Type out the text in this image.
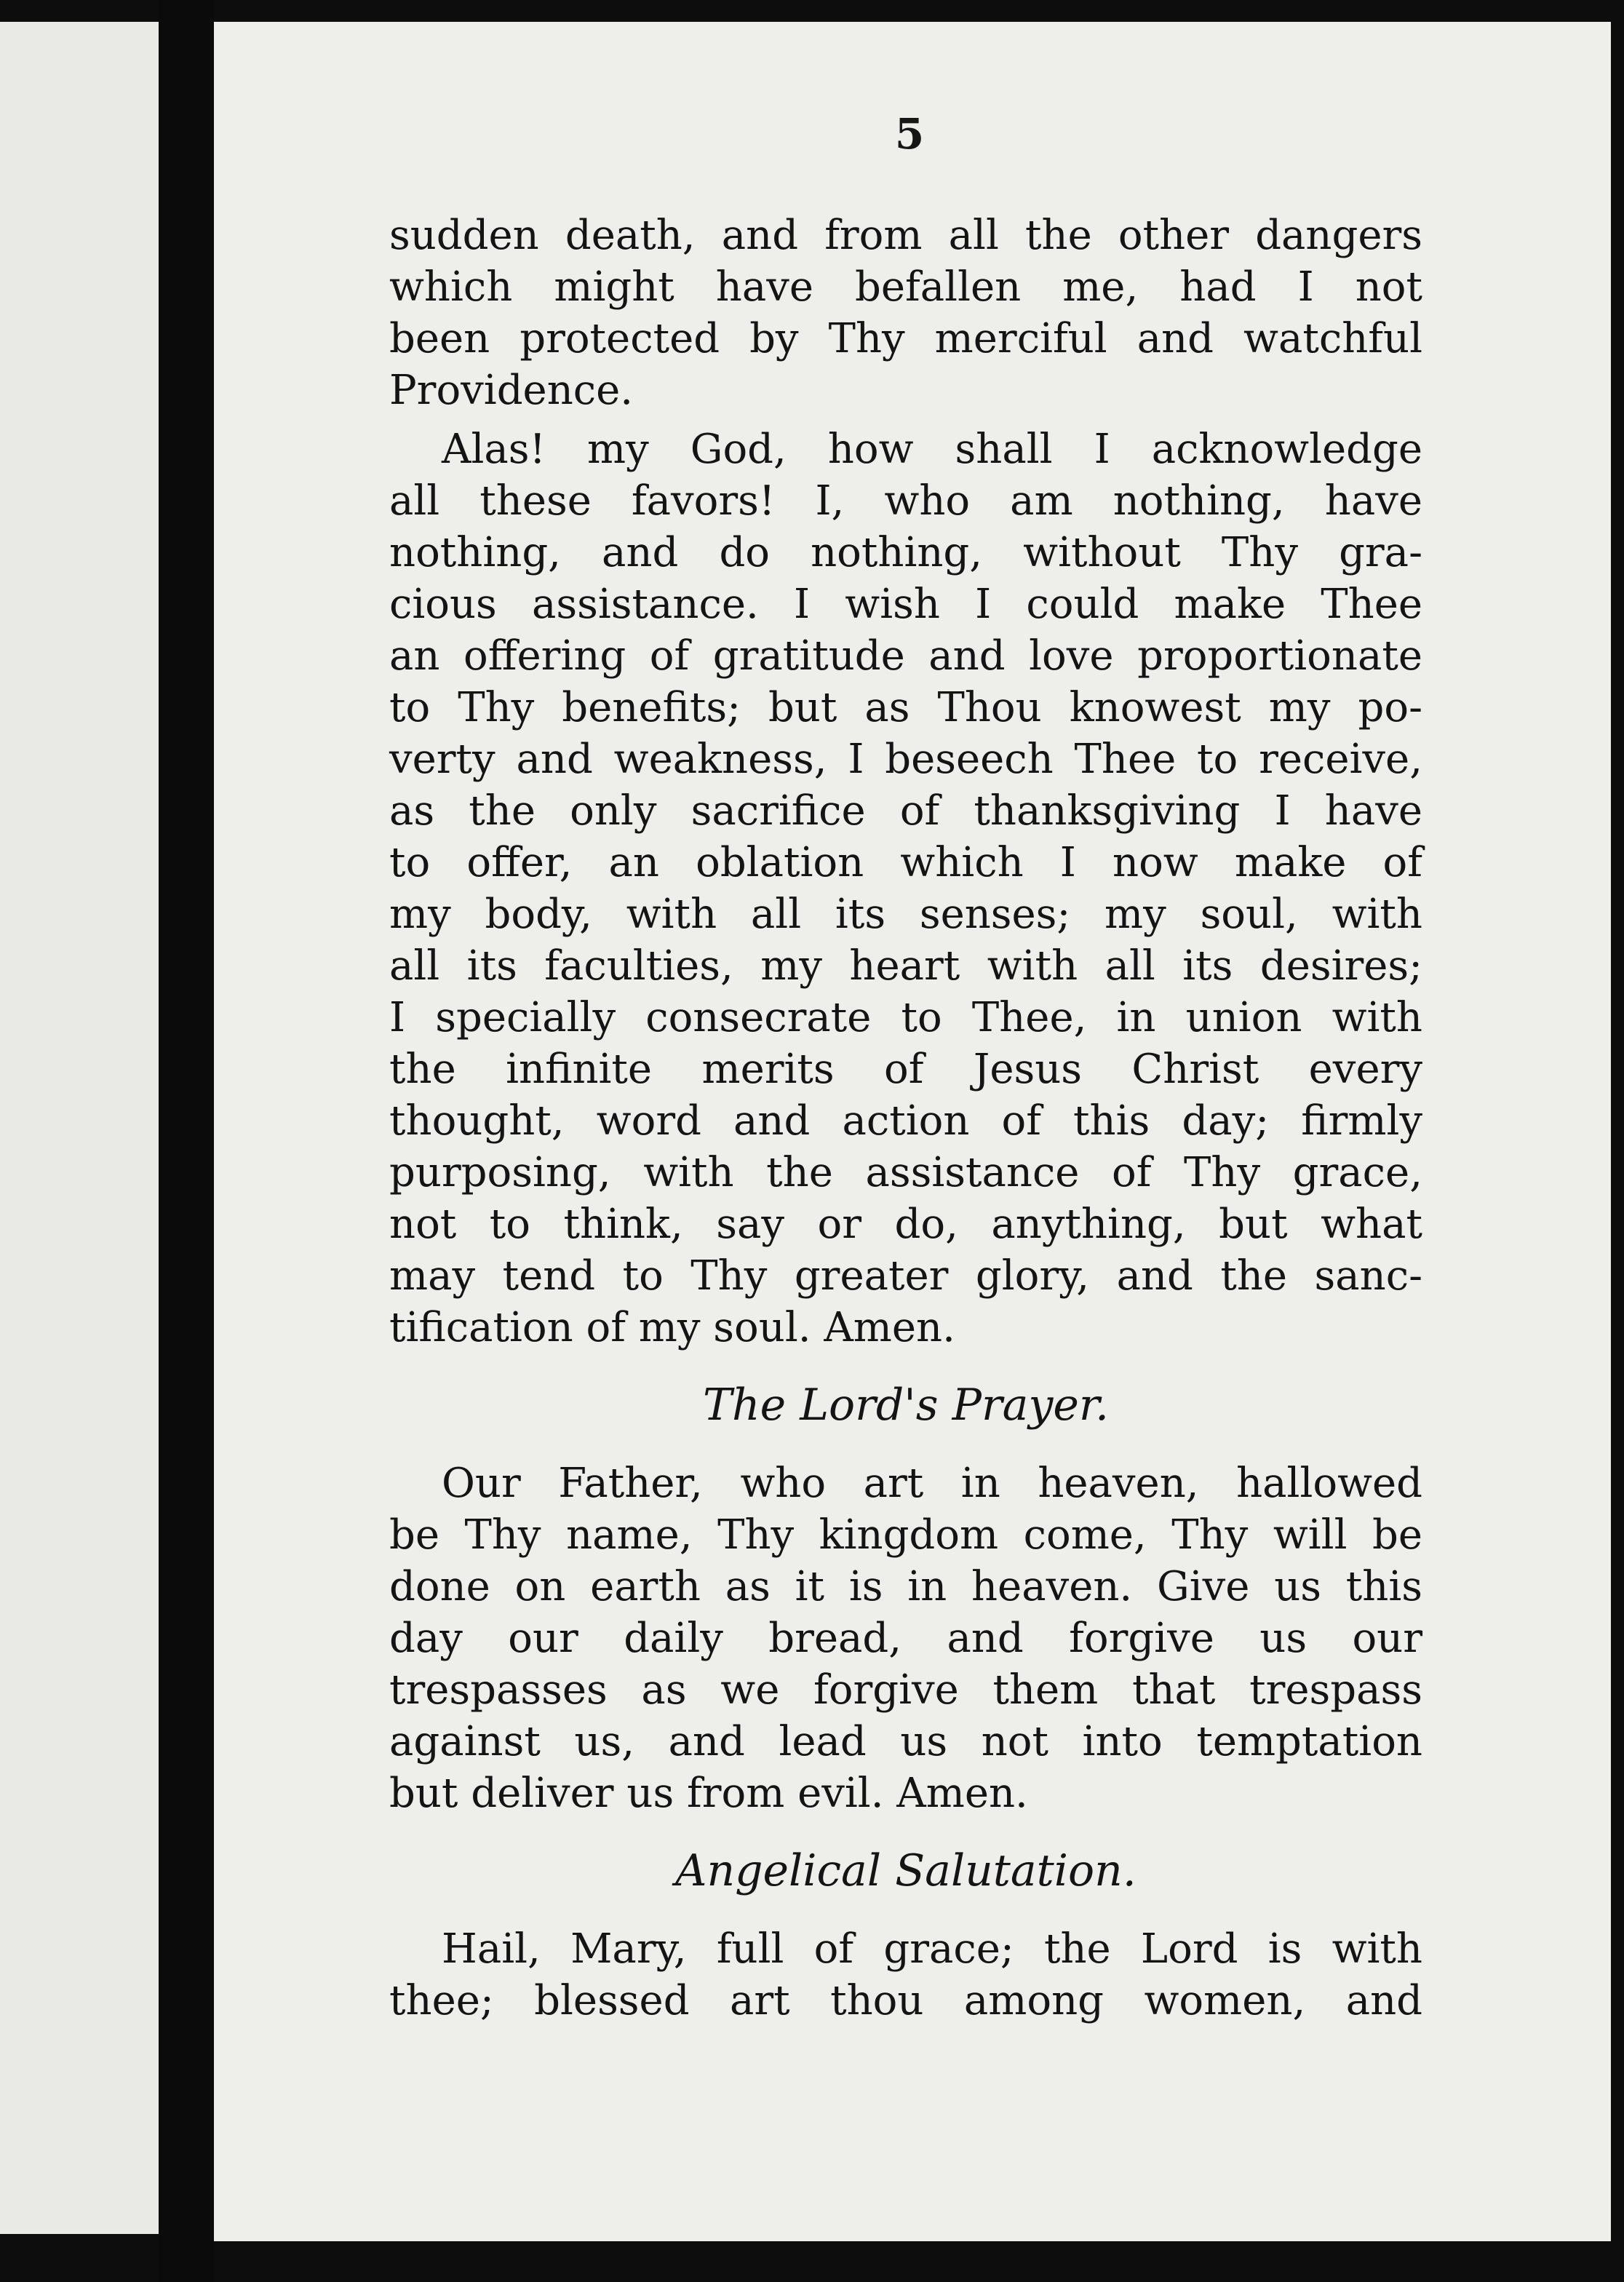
5
sudden death, and from all the other dangers
which might have befallen me, had I not
been protected by Thy merciful and watchful
Providence.
Alas! my God, how shall I acknowledge
all these favors! I, who am nothing, have
nothing, and do nothing, without Thy gra-
cious assistance. I wish I could make Thee
an offering of gratitude and love proportionate
to Thy benefits; but as Thou knowest my po-
verty and weakness, I beseech Thee to receive,
as the only sacrifice of thanksgiving I have
to offer, an oblation which I now make of
my body, with all its senses; my soul, with
all its faculties, my heart with all its desires;
I specially consecrate to Thee, in union with
the infinite merits of Jesus Christ every
thought, word and action of this day; firmly
purposing, with the assistance of Thy grace,
not to think, say or do, anything, but what
may tend to Thy greater glory, and the sanc-
tification of my soul. Amen.
The Lord's Prayer.
Our Father, who art in heaven, hallowed
be Thy name, Thy kingdom come, Thy will be
done on earth as it is in heaven. Give us this
day our daily bread, and forgive us our
trespasses as we forgive them that trespass
against us, and lead us not into temptation
but deliver us from evil. Amen.
Angelical Salutation.
Hail, Mary, full of grace; the Lord is with
thee; blessed art thou among women, and
